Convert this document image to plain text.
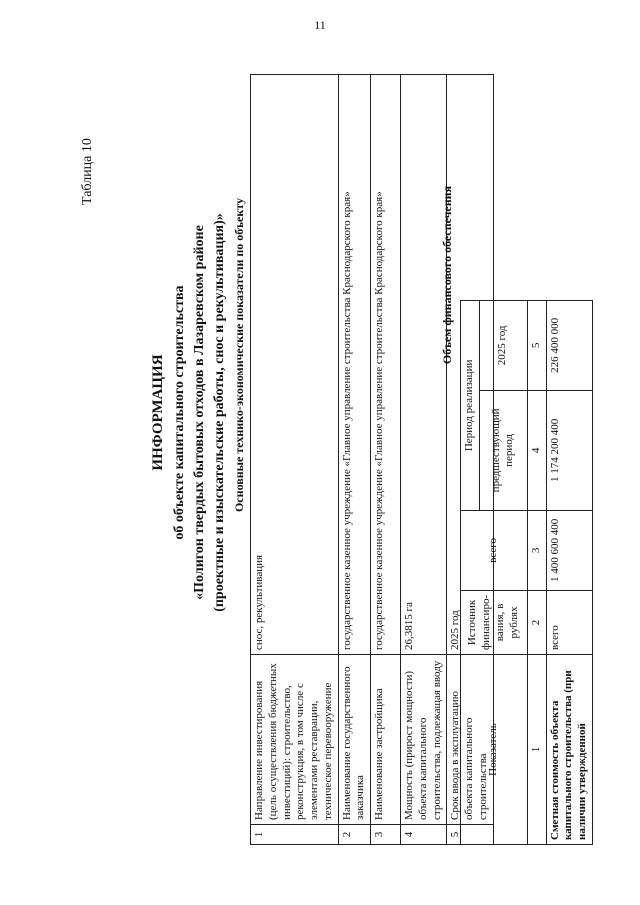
11
Таблица 10
ИНФОРМАЦИЯ об объекте капитального строительства «Полигон твердых бытовых отходов в Лазаревском районе (проектные и изыскательские работы, снос и рекультивация)» Основные технико-экономические показатели по объекту
1	Направление инвестирования (цель осуществления бюджетных инвестиций): строительство, реконструкция, в том числе с элементами реставрации, техническое перевооружение	снос, рекультивация
2	Наименование государственного заказчика	государственное казенное учреждение «Главное управление строительства Краснодарского края»
3	Наименование застройщика	государственное казенное учреждение «Главное управление строительства Краснодарского края»
4	Мощность (прирост мощности) объекта капитального строительства, подлежащая вводу	26,3815 га
5	Срок ввода в эксплуатацию объекта капитального строительства	2025 год
Объем финансового обеспечения
Показатель	Источник финансиро-вания, в рублях	всего	Период реализации	
			предшествующий период	2025 год
1	2	3	4	5
Сметная стоимость объекта капитального строительства (при наличии утвержденной	всего	1 400 600 400	1 174 200 400	226 400 000
